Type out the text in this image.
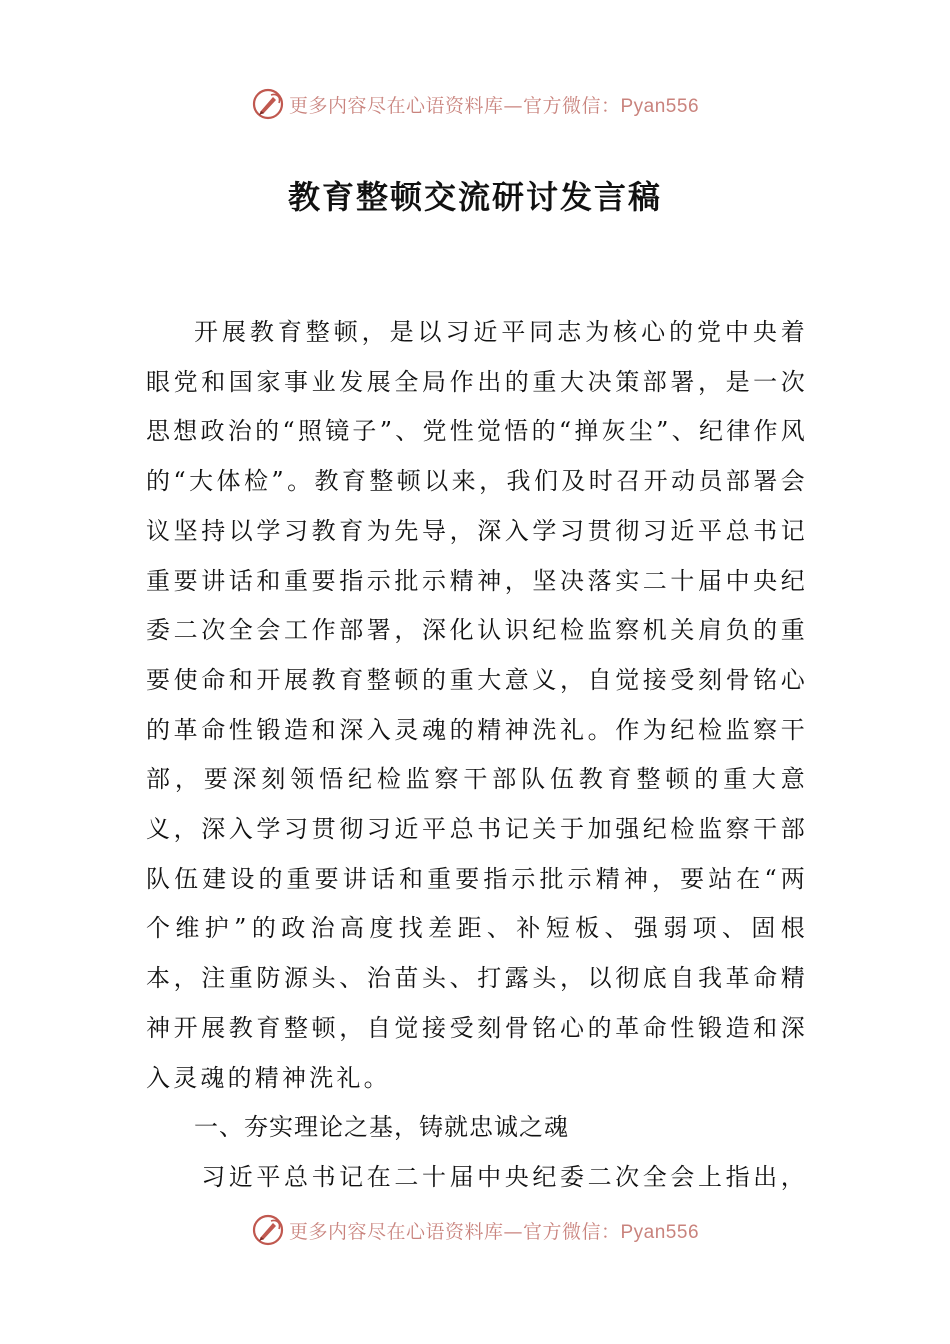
更多内容尽在心语资料库—官方微信：Pyan556
教育整顿交流研讨发言稿

开展教育整顿，是以习近平同志为核心的党中央着眼党和国家事业发展全局作出的重大决策部署，是一次思想政治的“照镜子”、党性觉悟的“掸灰尘”、纪律作风的“大体检”。教育整顿以来，我们及时召开动员部署会议坚持以学习教育为先导，深入学习贯彻习近平总书记重要讲话和重要指示批示精神，坚决落实二十届中央纪委二次全会工作部署，深化认识纪检监察机关肩负的重要使命和开展教育整顿的重大意义，自觉接受刻骨铭心的革命性锻造和深入灵魂的精神洗礼。作为纪检监察干部，要深刻领悟纪检监察干部队伍教育整顿的重大意义，深入学习贯彻习近平总书记关于加强纪检监察干部队伍建设的重要讲话和重要指示批示精神，要站在“两个维护”的政治高度找差距、补短板、强弱项、固根本，注重防源头、治苗头、打露头，以彻底自我革命精神开展教育整顿，自觉接受刻骨铭心的革命性锻造和深入灵魂的精神洗礼。

一、夯实理论之基，铸就忠诚之魂

习近平总书记在二十届中央纪委二次全会上指出，

更多内容尽在心语资料库—官方微信：Pyan556
